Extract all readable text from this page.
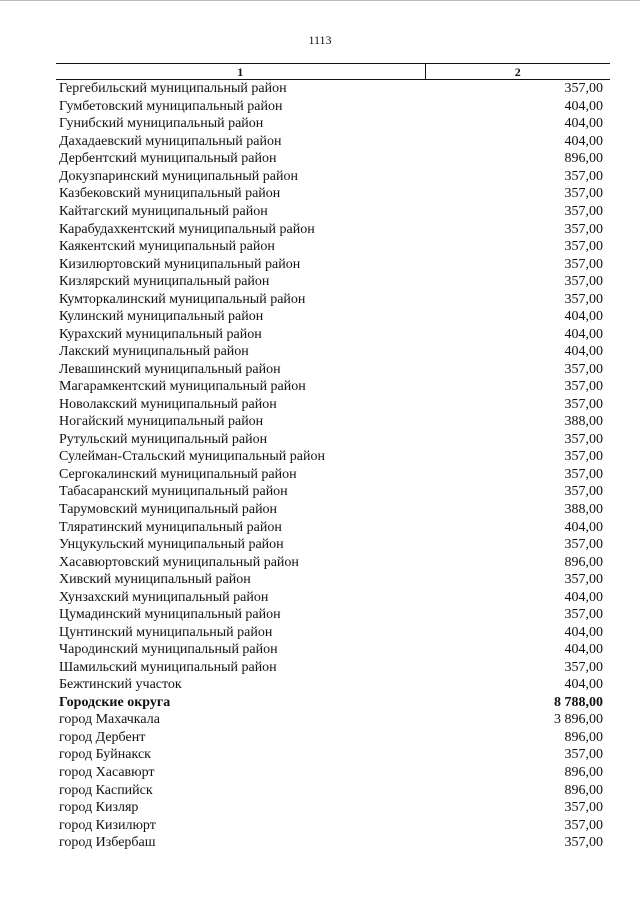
1113
1	2
Гергебильский муниципальный район	357,00
Гумбетовский муниципальный район	404,00
Гунибский муниципальный район	404,00
Дахадаевский муниципальный район	404,00
Дербентский муниципальный район	896,00
Докузпаринский муниципальный район	357,00
Казбековский муниципальный район	357,00
Кайтагский муниципальный район	357,00
Карабудахкентский муниципальный район	357,00
Каякентский муниципальный район	357,00
Кизилюртовский муниципальный район	357,00
Кизлярский муниципальный район	357,00
Кумторкалинский муниципальный район	357,00
Кулинский муниципальный район	404,00
Курахский муниципальный район	404,00
Лакский муниципальный район	404,00
Левашинский муниципальный район	357,00
Магарамкентский муниципальный район	357,00
Новолакский муниципальный район	357,00
Ногайский муниципальный район	388,00
Рутульский муниципальный район	357,00
Сулейман-Стальский муниципальный район	357,00
Сергокалинский муниципальный район	357,00
Табасаранский муниципальный район	357,00
Тарумовский муниципальный район	388,00
Тляратинский муниципальный район	404,00
Унцукульский муниципальный район	357,00
Хасавюртовский муниципальный район	896,00
Хивский муниципальный район	357,00
Хунзахский муниципальный район	404,00
Цумадинский муниципальный район	357,00
Цунтинский муниципальный район	404,00
Чародинский муниципальный район	404,00
Шамильский муниципальный район	357,00
Бежтинский участок	404,00
Городские округа	8 788,00
город Махачкала	3 896,00
город Дербент	896,00
город Буйнакск	357,00
город Хасавюрт	896,00
город Каспийск	896,00
город Кизляр	357,00
город Кизилюрт	357,00
город Избербаш	357,00
